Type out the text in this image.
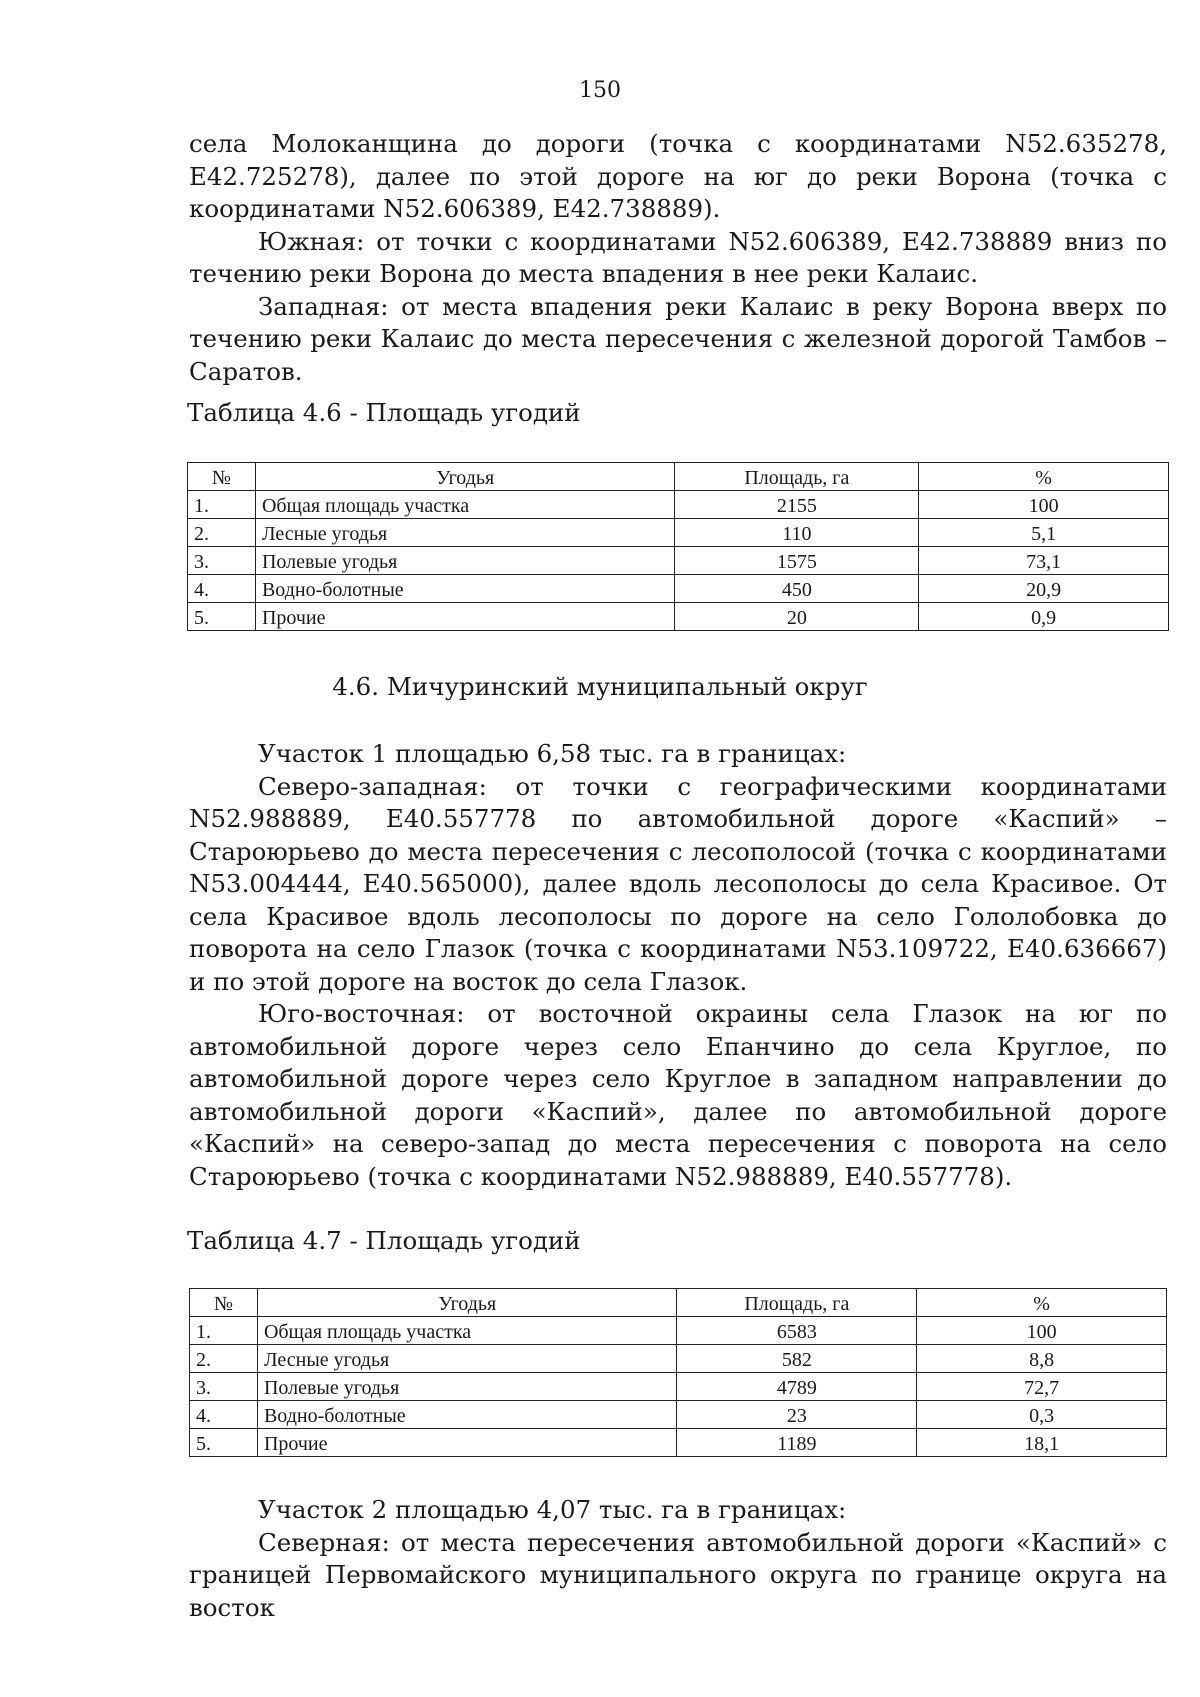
150

села Молоканщина до дороги (точка с координатами N52.635278, E42.725278), далее по этой дороге на юг до реки Ворона (точка с координатами N52.606389, E42.738889).

Южная: от точки с координатами N52.606389, E42.738889 вниз по течению реки Ворона до места впадения в нее реки Калаис.

Западная: от места впадения реки Калаис в реку Ворона вверх по течению реки Калаис до места пересечения с железной дорогой Тамбов – Саратов.

Таблица 4.6 - Площадь угодий
№	Угодья	Площадь, га	%
1.	Общая площадь участка	2155	100
2.	Лесные угодья	110	5,1
3.	Полевые угодья	1575	73,1
4.	Водно-болотные	450	20,9
5.	Прочие	20	0,9
4.6. Мичуринский муниципальный округ

Участок 1 площадью 6,58 тыс. га в границах:

Северо-западная: от точки с географическими координатами N52.988889, E40.557778 по автомобильной дороге «Каспий» – Староюрьево до места пересечения с лесополосой (точка с координатами N53.004444, E40.565000), далее вдоль лесополосы до села Красивое. От села Красивое вдоль лесополосы по дороге на село Гололобовка до поворота на село Глазок (точка с координатами N53.109722, E40.636667) и по этой дороге на восток до села Глазок.

Юго-восточная: от восточной окраины села Глазок на юг по автомобильной дороге через село Епанчино до села Круглое, по автомобильной дороге через село Круглое в западном направлении до автомобильной дороги «Каспий», далее по автомобильной дороге «Каспий» на северо-запад до места пересечения с поворота на село Староюрьево (точка с координатами N52.988889, E40.557778).

Таблица 4.7 - Площадь угодий
№	Угодья	Площадь, га	%
1.	Общая площадь участка	6583	100
2.	Лесные угодья	582	8,8
3.	Полевые угодья	4789	72,7
4.	Водно-болотные	23	0,3
5.	Прочие	1189	18,1

Участок 2 площадью 4,07 тыс. га в границах:

Северная: от места пересечения автомобильной дороги «Каспий» с границей Первомайского муниципального округа по границе округа на восток
